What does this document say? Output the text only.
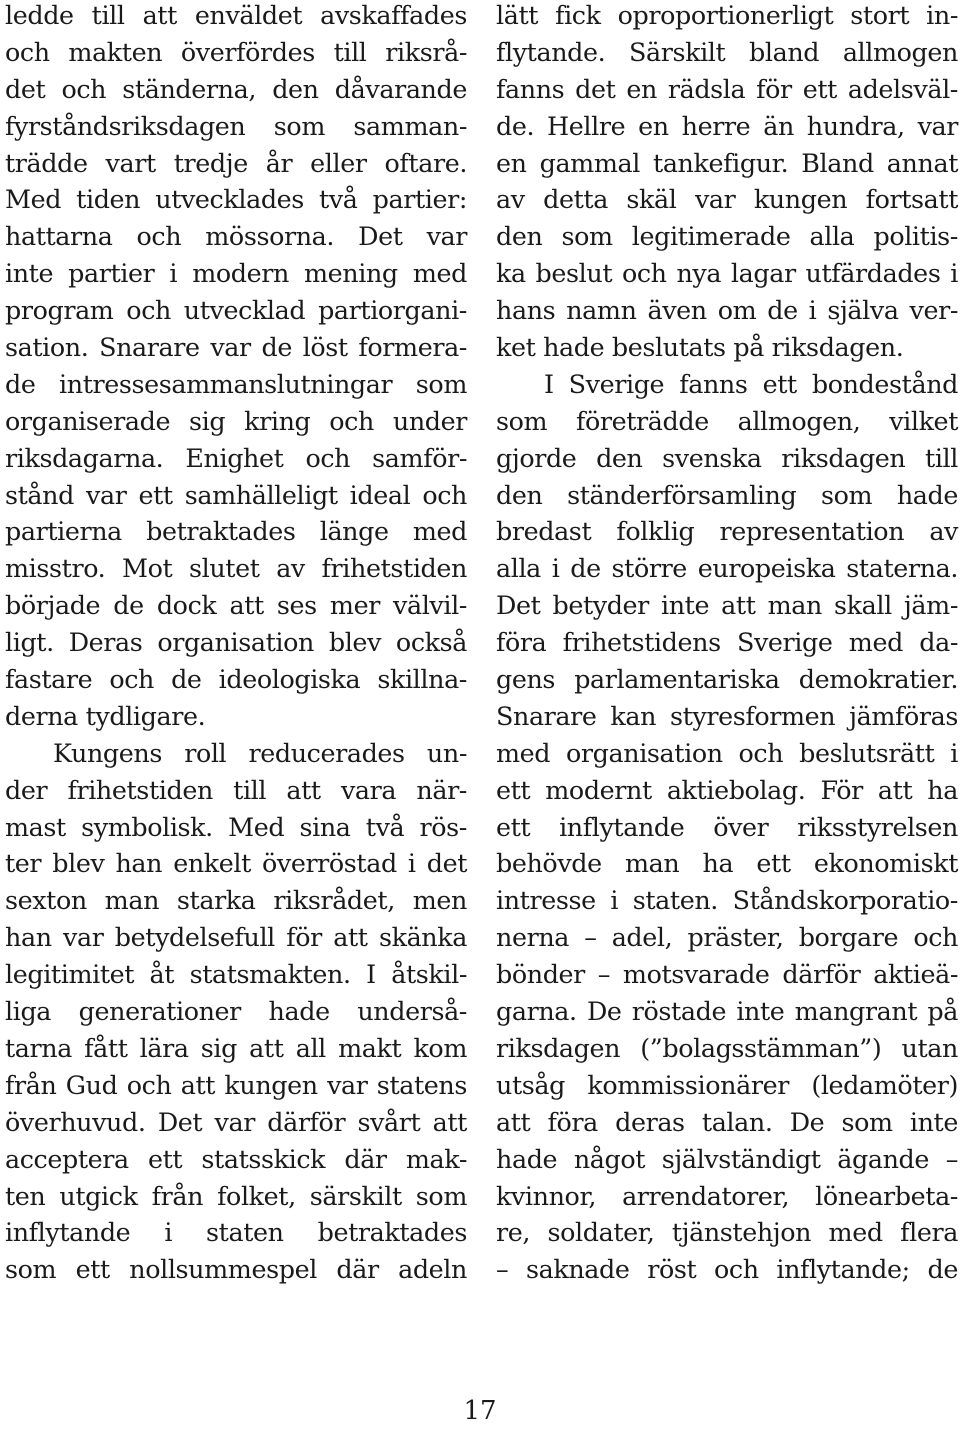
ledde till att enväldet avskaffades
och makten överfördes till riksrå-
det och ständerna, den dåvarande
fyrståndsriksdagen som samman-
trädde vart tredje år eller oftare.
Med tiden utvecklades två partier:
hattarna och mössorna. Det var
inte partier i modern mening med
program och utvecklad partiorgani-
sation. Snarare var de löst formera-
de intressesammanslutningar som
organiserade sig kring och under
riksdagarna. Enighet och samför-
stånd var ett samhälleligt ideal och
partierna betraktades länge med
misstro. Mot slutet av frihetstiden
började de dock att ses mer välvil-
ligt. Deras organisation blev också
fastare och de ideologiska skillna-
derna tydligare.
Kungens roll reducerades un-
der frihetstiden till att vara när-
mast symbolisk. Med sina två rös-
ter blev han enkelt överröstad i det
sexton man starka riksrådet, men
han var betydelsefull för att skänka
legitimitet åt statsmakten. I åtskil-
liga generationer hade underså-
tarna fått lära sig att all makt kom
från Gud och att kungen var statens
överhuvud. Det var därför svårt att
acceptera ett statsskick där mak-
ten utgick från folket, särskilt som
inflytande i staten betraktades
som ett nollsummespel där adeln
lätt fick oproportionerligt stort in-
flytande. Särskilt bland allmogen
fanns det en rädsla för ett adelsväl-
de. Hellre en herre än hundra, var
en gammal tankefigur. Bland annat
av detta skäl var kungen fortsatt
den som legitimerade alla politis-
ka beslut och nya lagar utfärdades i
hans namn även om de i själva ver-
ket hade beslutats på riksdagen.
I Sverige fanns ett bondestånd
som företrädde allmogen, vilket
gjorde den svenska riksdagen till
den ständerförsamling som hade
bredast folklig representation av
alla i de större europeiska staterna.
Det betyder inte att man skall jäm-
föra frihetstidens Sverige med da-
gens parlamentariska demokratier.
Snarare kan styresformen jämföras
med organisation och beslutsrätt i
ett modernt aktiebolag. För att ha
ett inflytande över riksstyrelsen
behövde man ha ett ekonomiskt
intresse i staten. Ståndskorporatio-
nerna – adel, präster, borgare och
bönder – motsvarade därför aktieä-
garna. De röstade inte mangrant på
riksdagen (”bolagsstämman”) utan
utsåg kommissionärer (ledamöter)
att föra deras talan. De som inte
hade något självständigt ägande –
kvinnor, arrendatorer, lönearbeta-
re, soldater, tjänstehjon med flera
– saknade röst och inflytande; de
17
